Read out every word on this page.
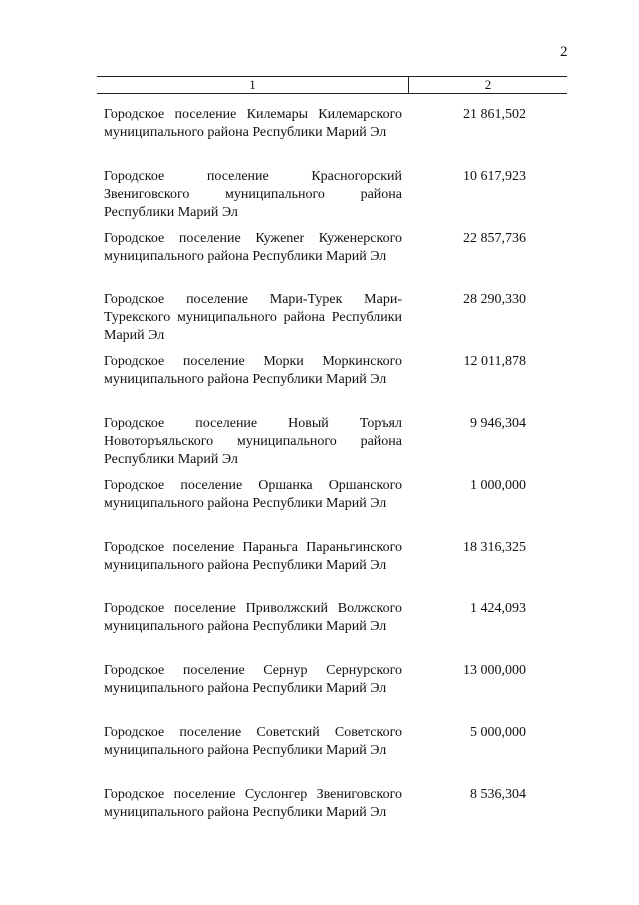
2
1	2
Городское поселение Килемары Килемарского муниципального района Республики Марий Эл
21 861,502
Городское поселение Красногорский Звениговского муниципального района Республики Марий Эл
10 617,923
Городское поселение Кужener Куженерского муниципального района Республики Марий Эл
22 857,736
Городское поселение Мари-Турек Мари-Турекского муниципального района Республики Марий Эл
28 290,330
Городское поселение Морки Моркинского муниципального района Республики Марий Эл
12 011,878
Городское поселение Новый Торъял Новоторъяльского муниципального района Республики Марий Эл
9 946,304
Городское поселение Оршанка Оршанского муниципального района Республики Марий Эл
1 000,000
Городское поселение Параньга Параньгинского муниципального района Республики Марий Эл
18 316,325
Городское поселение Приволжский Волжского муниципального района Республики Марий Эл
1 424,093
Городское поселение Сернур Сернурского муниципального района Республики Марий Эл
13 000,000
Городское поселение Советский Советского муниципального района Республики Марий Эл
5 000,000
Городское поселение Суслонгер Звениговского муниципального района Республики Марий Эл
8 536,304
